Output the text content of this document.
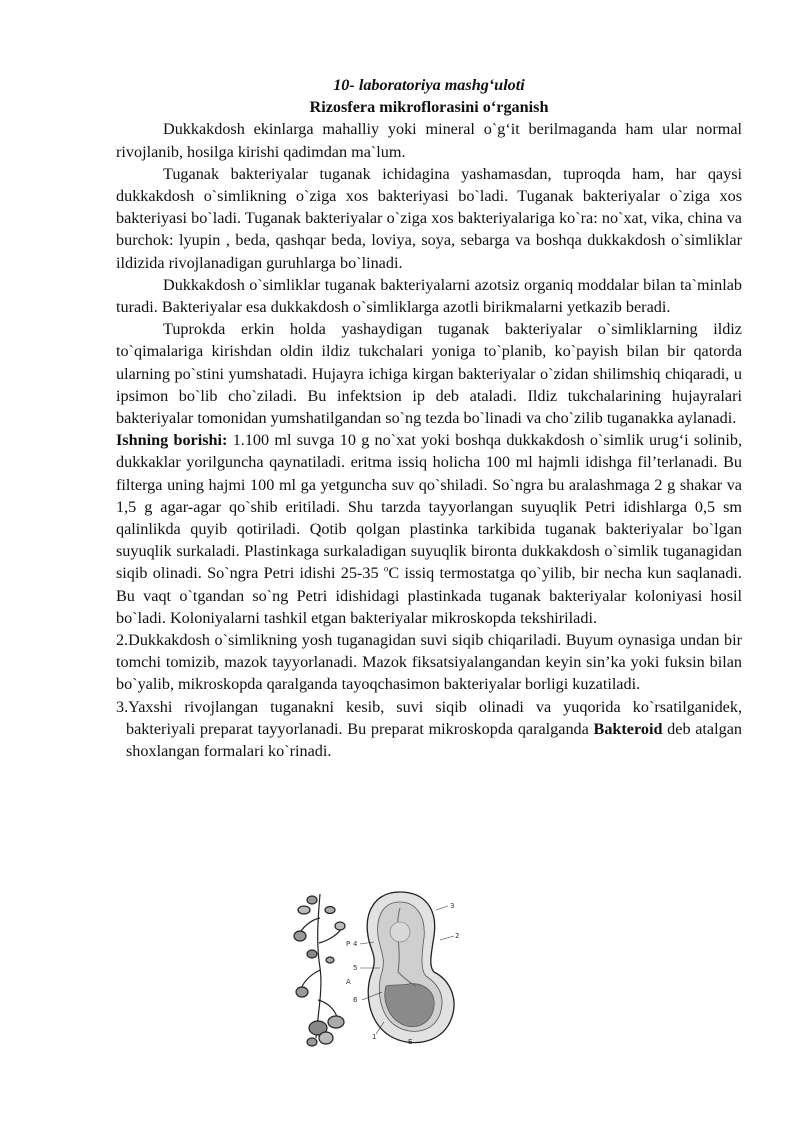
10- laboratoriya mashg‘uloti

Rizosfera mikroflorasini o‘rganish

Dukkakdosh ekinlarga mahalliy yoki mineral o`g‘it berilmaganda ham ular normal rivojlanib, hosilga kirishi qadimdan ma`lum.

Tuganak bakteriyalar tuganak ichidagina yashamasdan, tuproqda ham, har qaysi dukkakdosh o`simlikning o`ziga xos bakteriyasi bo`ladi. Tuganak bakteriyalar o`ziga xos bakteriyasi bo`ladi. Tuganak bakteriyalar o`ziga xos bakteriyalariga ko`ra: no`xat, vika, china va burchok: lyupin , beda, qashqar beda, loviya, soya, sebarga va boshqa dukkakdosh o`simliklar ildizida rivojlanadigan guruhlarga bo`linadi.

Dukkakdosh o`simliklar tuganak bakteriyalarni azotsiz organiq moddalar bilan ta`minlab turadi. Bakteriyalar esa dukkakdosh o`simliklarga azotli birikmalarni yetkazib beradi.

Tuprokda erkin holda yashaydigan tuganak bakteriyalar o`simliklarning ildiz to`qimalariga kirishdan oldin ildiz tukchalari yoniga to`planib, ko`payish bilan bir qatorda ularning po`stini yumshatadi. Hujayra ichiga kirgan bakteriyalar o`zidan shilimshiq chiqaradi, u ipsimon bo`lib cho`ziladi. Bu infektsion ip deb ataladi. Ildiz tukchalarining hujayralari bakteriyalar tomonidan yumshatilgandan so`ng tezda bo`linadi va cho`zilib tuganakka aylanadi.

Ishning borishi: 1.100 ml suvga 10 g no`xat yoki boshqa dukkakdosh o`simlik urug‘i solinib, dukkaklar yorilguncha qaynatiladi. eritma issiq holicha 100 ml hajmli idishga fil’terlanadi. Bu filterga uning hajmi 100 ml ga yetguncha suv qo`shiladi. So`ngra bu aralashmaga 2 g shakar va 1,5 g agar-agar qo`shib eritiladi. Shu tarzda tayyorlangan suyuqlik Petri idishlarga 0,5 sm qalinlikda quyib qotiriladi. Qotib qolgan plastinka tarkibida tuganak bakteriyalar bo`lgan suyuqlik surkaladi. Plastinkaga surkaladigan suyuqlik bironta dukkakdosh o`simlik tuganagidan siqib olinadi. So`ngra Petri idishi 25-35 $^o$C issiq termostatga qo`yilib, bir necha kun saqlanadi. Bu vaqt o`tgandan so`ng Petri idishidagi plastinkada tuganak bakteriyalar koloniyasi hosil bo`ladi. Koloniyalarni tashkil etgan bakteriyalar mikroskopda tekshiriladi.

2.Dukkakdosh o`simlikning yosh tuganagidan suvi siqib chiqariladi. Buyum oynasiga undan bir tomchi tomizib, mazok tayyorlanadi. Mazok fiksatsiyalangandan keyin sin’ka yoki fuksin bilan bo`yalib, mikroskopda qaralganda tayoqchasimon bakteriyalar borligi kuzatiladi.

3.Yaxshi rivojlangan tuganakni kesib, suvi siqib olinadi va yuqorida ko`rsatilganidek, bakteriyali preparat tayyorlanadi. Bu preparat mikroskopda qaralganda Bakteroid deb atalgan shoxlangan formalari ko`rinadi.

3
2
4
5
1
6
Р
А
Б
